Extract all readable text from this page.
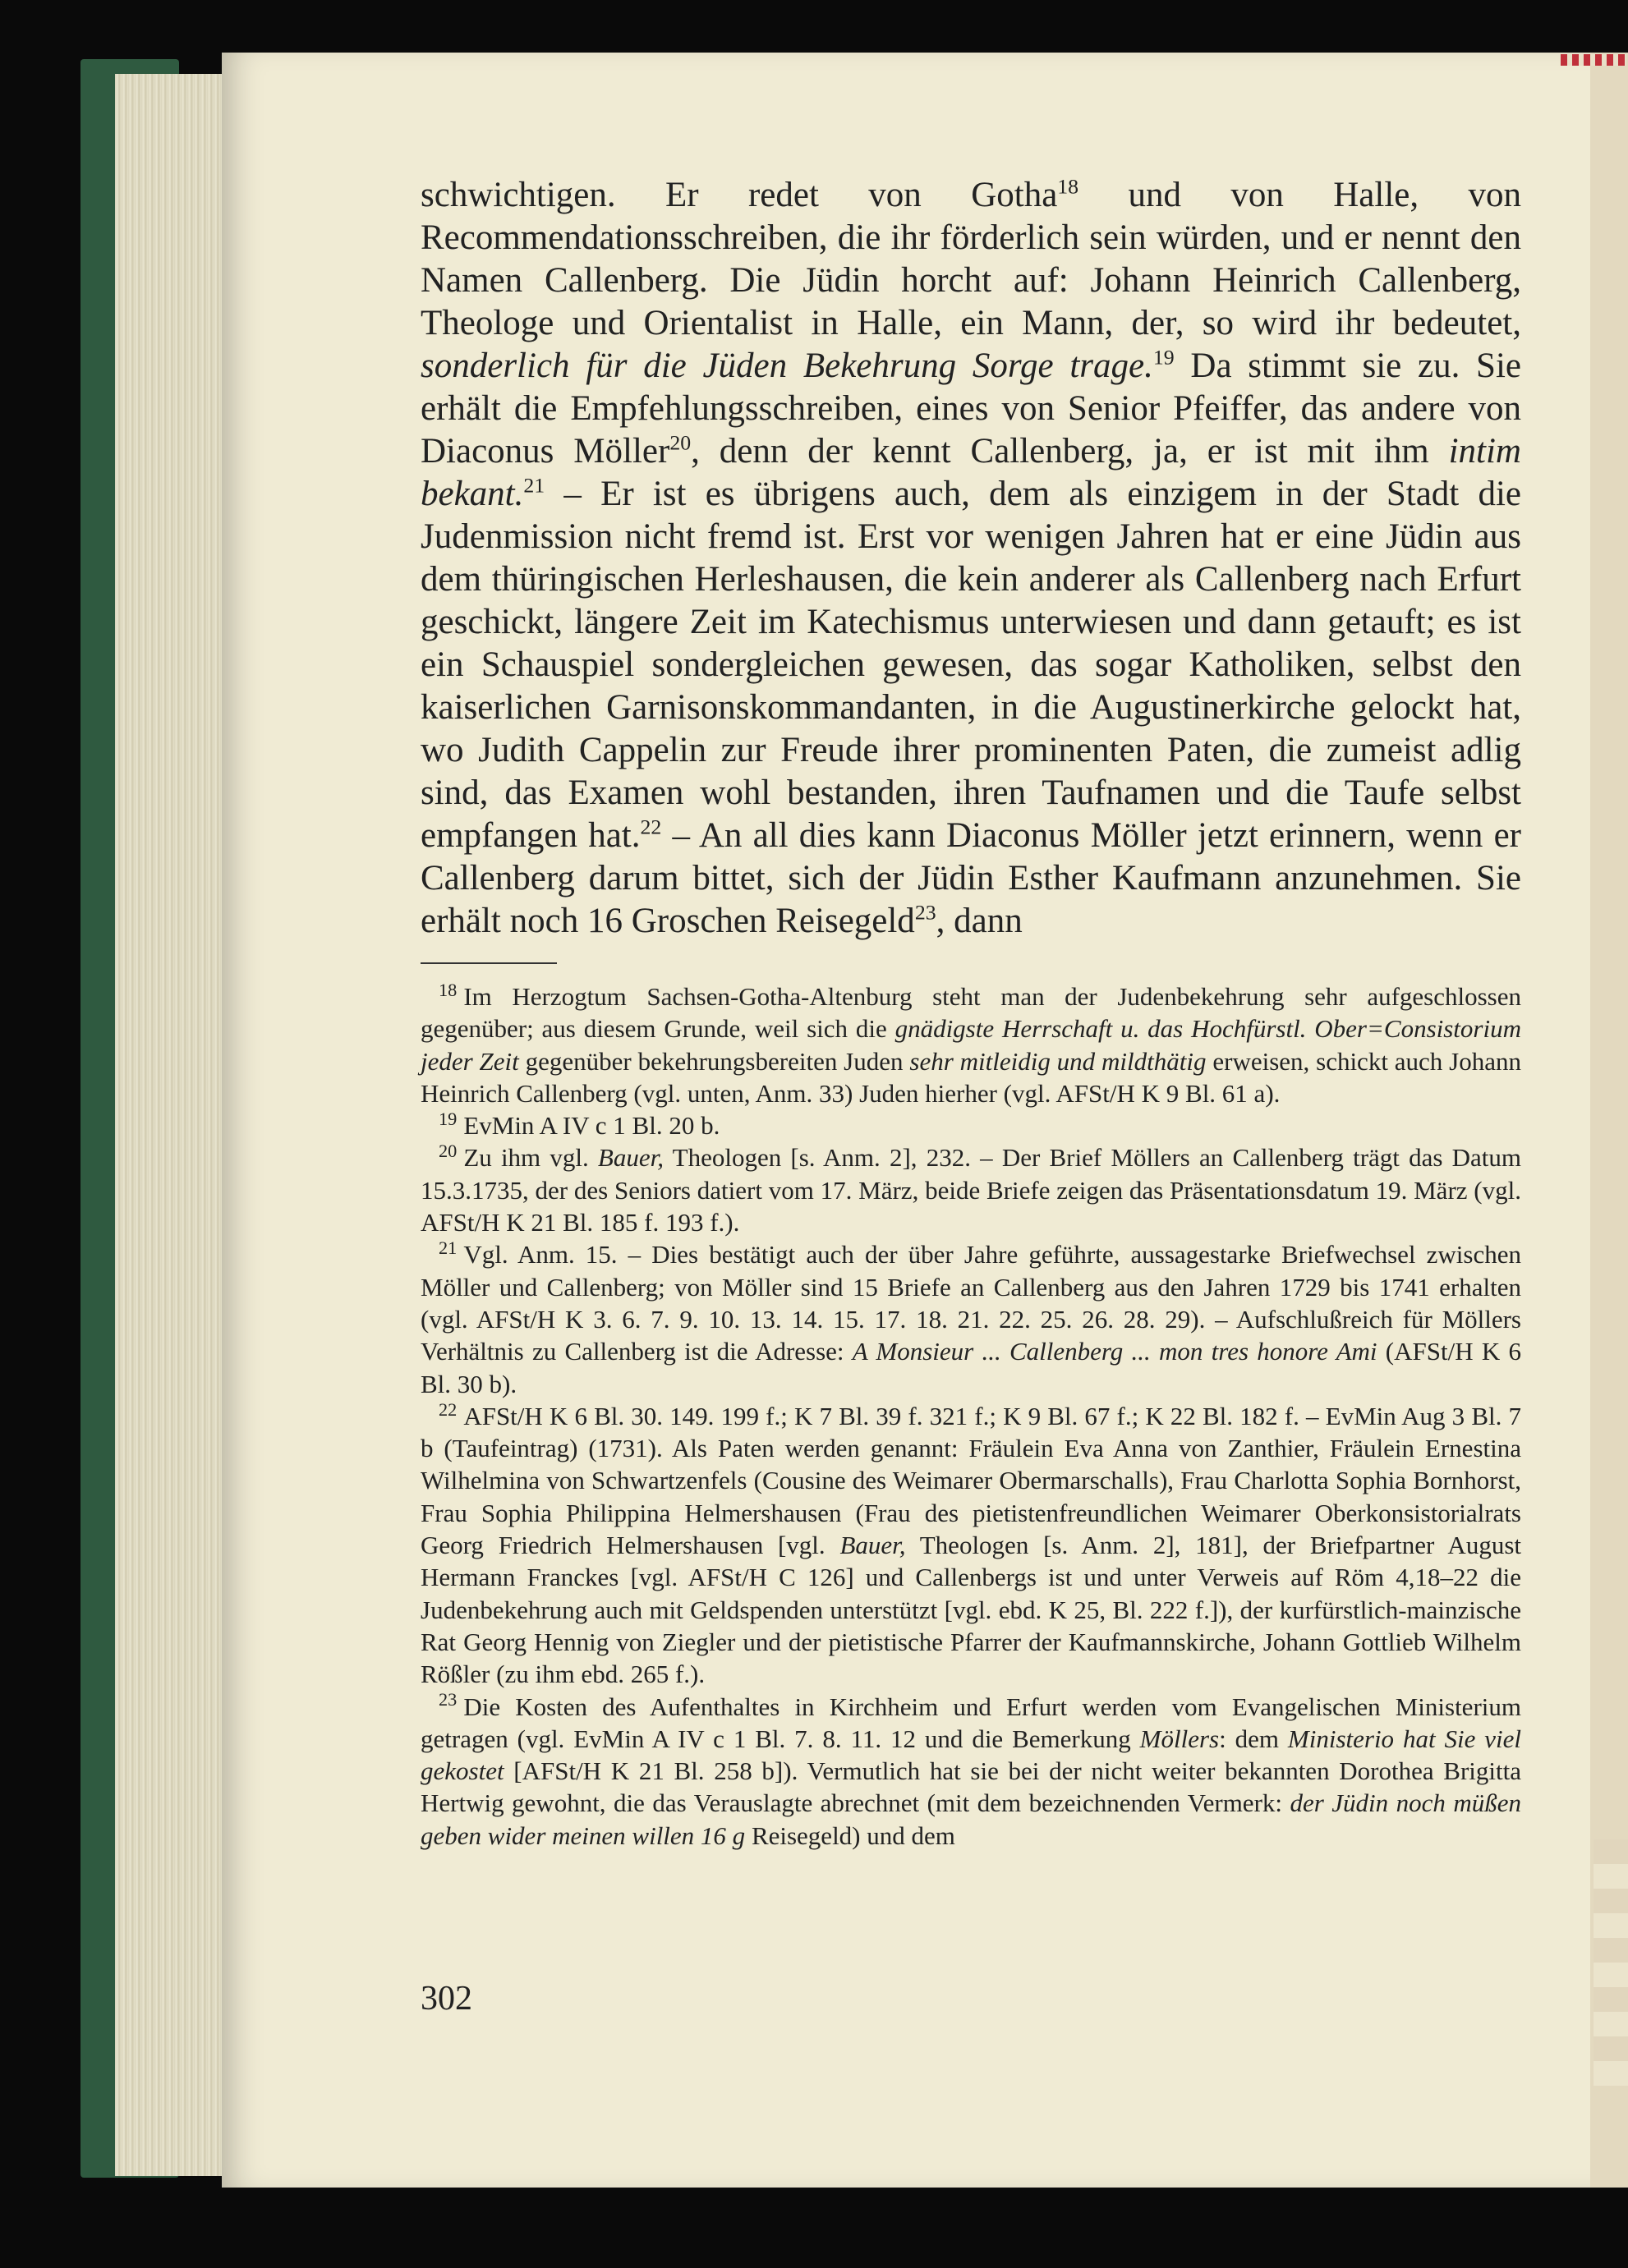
schwichtigen. Er redet von Gotha$^{18}$ und von Halle, von Recommendationsschreiben, die ihr förderlich sein würden, und er nennt den Namen Callenberg. Die Jüdin horcht auf: Johann Heinrich Callenberg, Theologe und Orientalist in Halle, ein Mann, der, so wird ihr bedeutet, sonderlich für die Jüden Bekehrung Sorge trage.$^{19}$ Da stimmt sie zu. Sie erhält die Empfehlungsschreiben, eines von Senior Pfeiffer, das andere von Diaconus Möller$^{20}$, denn der kennt Callenberg, ja, er ist mit ihm intim bekant.$^{21}$ – Er ist es übrigens auch, dem als einzigem in der Stadt die Judenmission nicht fremd ist. Erst vor wenigen Jahren hat er eine Jüdin aus dem thüringischen Herleshausen, die kein anderer als Callenberg nach Erfurt geschickt, längere Zeit im Katechismus unterwiesen und dann getauft; es ist ein Schauspiel sondergleichen gewesen, das sogar Katholiken, selbst den kaiserlichen Garnisonskommandanten, in die Augustinerkirche gelockt hat, wo Judith Cappelin zur Freude ihrer prominenten Paten, die zumeist adlig sind, das Examen wohl bestanden, ihren Taufnamen und die Taufe selbst empfangen hat.$^{22}$ – An all dies kann Diaconus Möller jetzt erinnern, wenn er Callenberg darum bittet, sich der Jüdin Esther Kaufmann anzunehmen. Sie erhält noch 16 Groschen Reisegeld$^{23}$, dann

$^{18}$ Im Herzogtum Sachsen-Gotha-Altenburg steht man der Judenbekehrung sehr aufgeschlossen gegenüber; aus diesem Grunde, weil sich die gnädigste Herrschaft u. das Hochfürstl. Ober=Consistorium jeder Zeit gegenüber bekehrungsbereiten Juden sehr mitleidig und mildthätig erweisen, schickt auch Johann Heinrich Callenberg (vgl. unten, Anm. 33) Juden hierher (vgl. AFSt/H K 9 Bl. 61 a).

$^{19}$ EvMin A IV c 1 Bl. 20 b.

$^{20}$ Zu ihm vgl. Bauer, Theologen [s. Anm. 2], 232. – Der Brief Möllers an Callenberg trägt das Datum 15.3.1735, der des Seniors datiert vom 17. März, beide Briefe zeigen das Präsentationsdatum 19. März (vgl. AFSt/H K 21 Bl. 185 f. 193 f.).

$^{21}$ Vgl. Anm. 15. – Dies bestätigt auch der über Jahre geführte, aussagestarke Briefwechsel zwischen Möller und Callenberg; von Möller sind 15 Briefe an Callenberg aus den Jahren 1729 bis 1741 erhalten (vgl. AFSt/H K 3. 6. 7. 9. 10. 13. 14. 15. 17. 18. 21. 22. 25. 26. 28. 29). – Aufschlußreich für Möllers Verhältnis zu Callenberg ist die Adresse: A Monsieur ... Callenberg ... mon tres honore Ami (AFSt/H K 6 Bl. 30 b).

$^{22}$ AFSt/H K 6 Bl. 30. 149. 199 f.; K 7 Bl. 39 f. 321 f.; K 9 Bl. 67 f.; K 22 Bl. 182 f. – EvMin Aug 3 Bl. 7 b (Taufeintrag) (1731). Als Paten werden genannt: Fräulein Eva Anna von Zanthier, Fräulein Ernestina Wilhelmina von Schwartzenfels (Cousine des Weimarer Obermarschalls), Frau Charlotta Sophia Bornhorst, Frau Sophia Philippina Helmershausen (Frau des pietistenfreundlichen Weimarer Oberkonsistorialrats Georg Friedrich Helmershausen [vgl. Bauer, Theologen [s. Anm. 2], 181], der Briefpartner August Hermann Franckes [vgl. AFSt/H C 126] und Callenbergs ist und unter Verweis auf Röm 4,18–22 die Judenbekehrung auch mit Geldspenden unterstützt [vgl. ebd. K 25, Bl. 222 f.]), der kurfürstlich-mainzische Rat Georg Hennig von Ziegler und der pietistische Pfarrer der Kaufmannskirche, Johann Gottlieb Wilhelm Rößler (zu ihm ebd. 265 f.).

$^{23}$ Die Kosten des Aufenthaltes in Kirchheim und Erfurt werden vom Evangelischen Ministerium getragen (vgl. EvMin A IV c 1 Bl. 7. 8. 11. 12 und die Bemerkung Möllers: dem Ministerio hat Sie viel gekostet [AFSt/H K 21 Bl. 258 b]). Vermutlich hat sie bei der nicht weiter bekannten Dorothea Brigitta Hertwig gewohnt, die das Verauslagte abrechnet (mit dem bezeichnenden Vermerk: der Jüdin noch müßen geben wider meinen willen 16 g Reisegeld) und dem

302
